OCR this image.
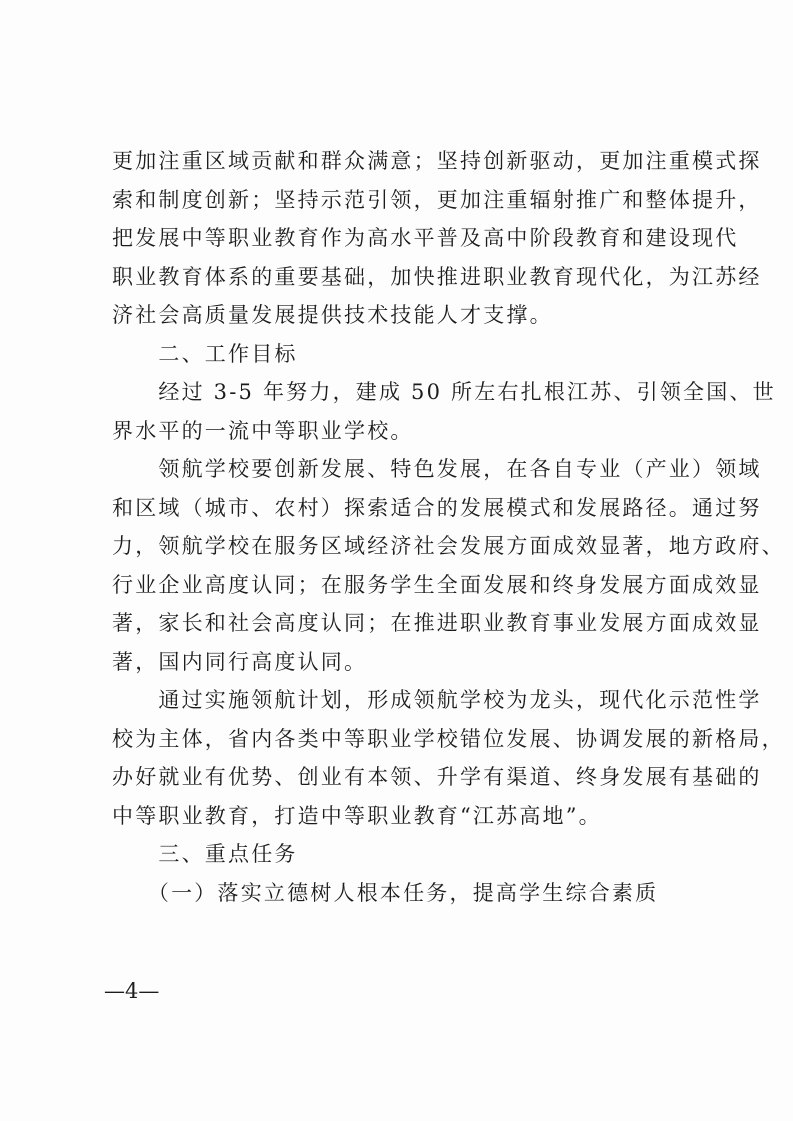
更加注重区域贡献和群众满意；坚持创新驱动，更加注重模式探
索和制度创新；坚持示范引领，更加注重辐射推广和整体提升，
把发展中等职业教育作为高水平普及高中阶段教育和建设现代
职业教育体系的重要基础，加快推进职业教育现代化，为江苏经
济社会高质量发展提供技术技能人才支撑。
　　二、工作目标
　　经过 3-5 年努力，建成 50 所左右扎根江苏、引领全国、世
界水平的一流中等职业学校。
　　领航学校要创新发展、特色发展，在各自专业（产业）领域
和区域（城市、农村）探索适合的发展模式和发展路径。通过努
力，领航学校在服务区域经济社会发展方面成效显著，地方政府、
行业企业高度认同；在服务学生全面发展和终身发展方面成效显
著，家长和社会高度认同；在推进职业教育事业发展方面成效显
著，国内同行高度认同。
　　通过实施领航计划，形成领航学校为龙头，现代化示范性学
校为主体，省内各类中等职业学校错位发展、协调发展的新格局，
办好就业有优势、创业有本领、升学有渠道、终身发展有基础的
中等职业教育，打造中等职业教育“江苏高地”。
　　三、重点任务
　　（一）落实立德树人根本任务，提高学生综合素质
—4—
